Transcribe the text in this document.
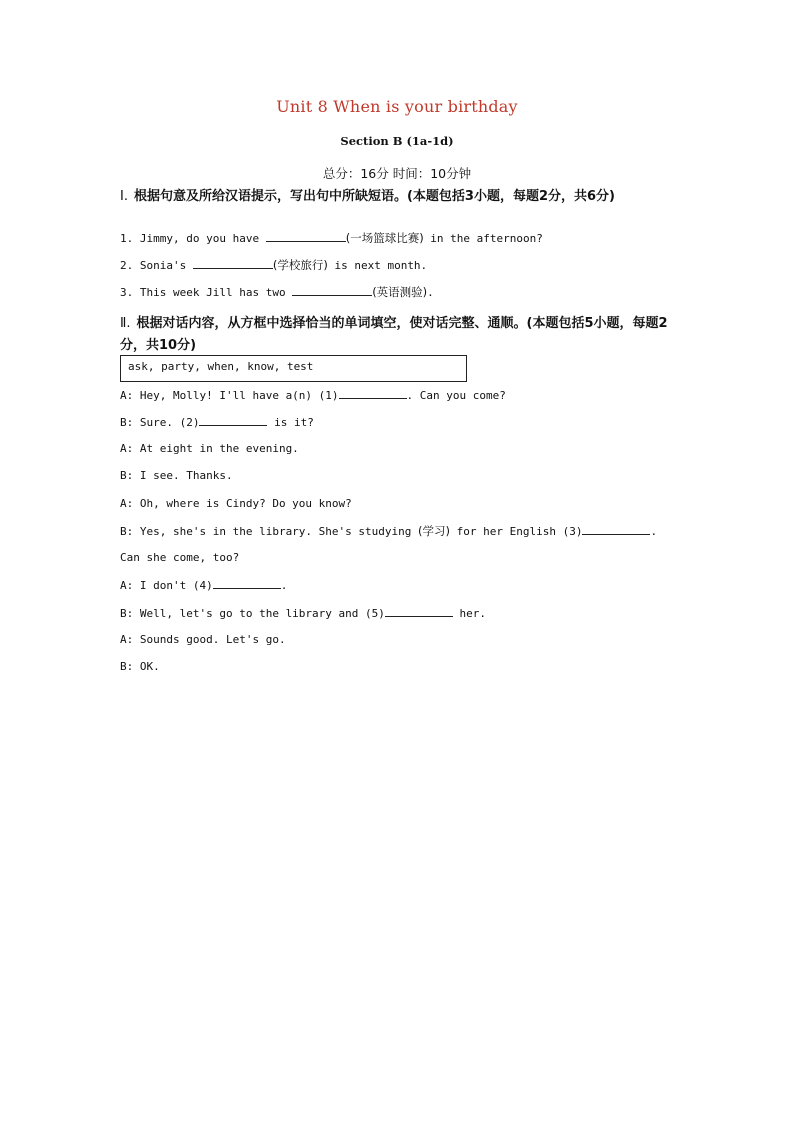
Unit 8 When is your birthday
Section B (1a-1d)
总分：16分 时间：10分钟
Ⅰ. 根据句意及所给汉语提示，写出句中所缺短语。(本题包括3小题，每题2分，共6分)
1. Jimmy, do you have	(一场篮球比赛) in the afternoon?
2. Sonia's	(学校旅行) is next month.
3. This week Jill has two	(英语测验).
Ⅱ. 根据对话内容，从方框中选择恰当的单词填空，使对话完整、通顺。(本题包括5小题，每题2分，共10分)
ask, party, when, know, test
A: Hey, Molly! I'll have a(n) (1)	. Can you come?
B: Sure. (2)	is it?
A: At eight in the evening.
B: I see. Thanks.
A: Oh, where is Cindy? Do you know?
B: Yes, she's in the library. She's studying (学习) for her English (3)	.
Can she come, too?
A: I don't (4)	.
B: Well, let's go to the library and (5)	her.
A: Sounds good. Let's go.
B: OK.
